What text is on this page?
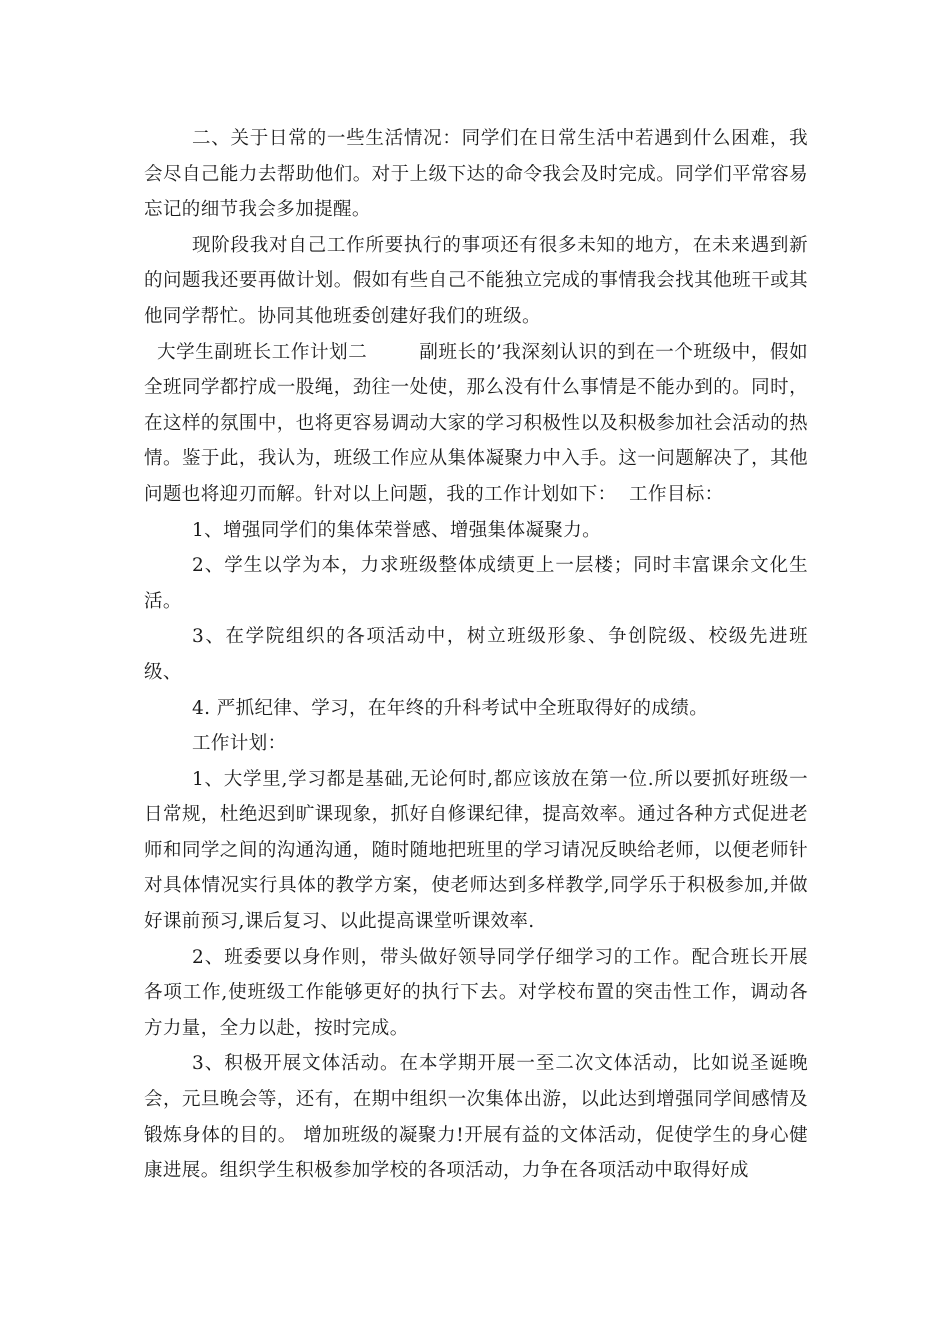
二、关于日常的一些生活情况：同学们在日常生活中若遇到什么困难，我会尽自己能力去帮助他们。对于上级下达的命令我会及时完成。同学们平常容易忘记的细节我会多加提醒。

现阶段我对自己工作所要执行的事项还有很多未知的地方，在未来遇到新的问题我还要再做计划。假如有些自己不能独立完成的事情我会找其他班干或其他同学帮忙。协同其他班委创建好我们的班级。

大学生副班长工作计划二        副班长的’我深刻认识的到在一个班级中，假如全班同学都拧成一股绳，劲往一处使，那么没有什么事情是不能办到的。同时，在这样的氛围中，也将更容易调动大家的学习积极性以及积极参加社会活动的热情。鉴于此，我认为，班级工作应从集体凝聚力中入手。这一问题解决了，其他问题也将迎刃而解。针对以上问题，我的工作计划如下：  工作目标：

1、增强同学们的集体荣誉感、增强集体凝聚力。

2、学生以学为本，力求班级整体成绩更上一层楼；同时丰富课余文化生活。

3、在学院组织的各项活动中，树立班级形象、争创院级、校级先进班级、

4. 严抓纪律、学习，在年终的升科考试中全班取得好的成绩。

工作计划：

1、大学里,学习都是基础,无论何时,都应该放在第一位.所以要抓好班级一日常规，杜绝迟到旷课现象，抓好自修课纪律，提高效率。通过各种方式促进老师和同学之间的沟通沟通，随时随地把班里的学习请况反映给老师，以便老师针对具体情况实行具体的教学方案，使老师达到多样教学,同学乐于积极参加,并做好课前预习,课后复习、以此提高课堂听课效率.

2、班委要以身作则，带头做好领导同学仔细学习的工作。配合班长开展各项工作,使班级工作能够更好的执行下去。对学校布置的突击性工作，调动各方力量，全力以赴，按时完成。

3、积极开展文体活动。在本学期开展一至二次文体活动，比如说圣诞晚会，元旦晚会等，还有，在期中组织一次集体出游，以此达到增强同学间感情及锻炼身体的目的。 增加班级的凝聚力!开展有益的文体活动，促使学生的身心健康进展。组织学生积极参加学校的各项活动，力争在各项活动中取得好成
